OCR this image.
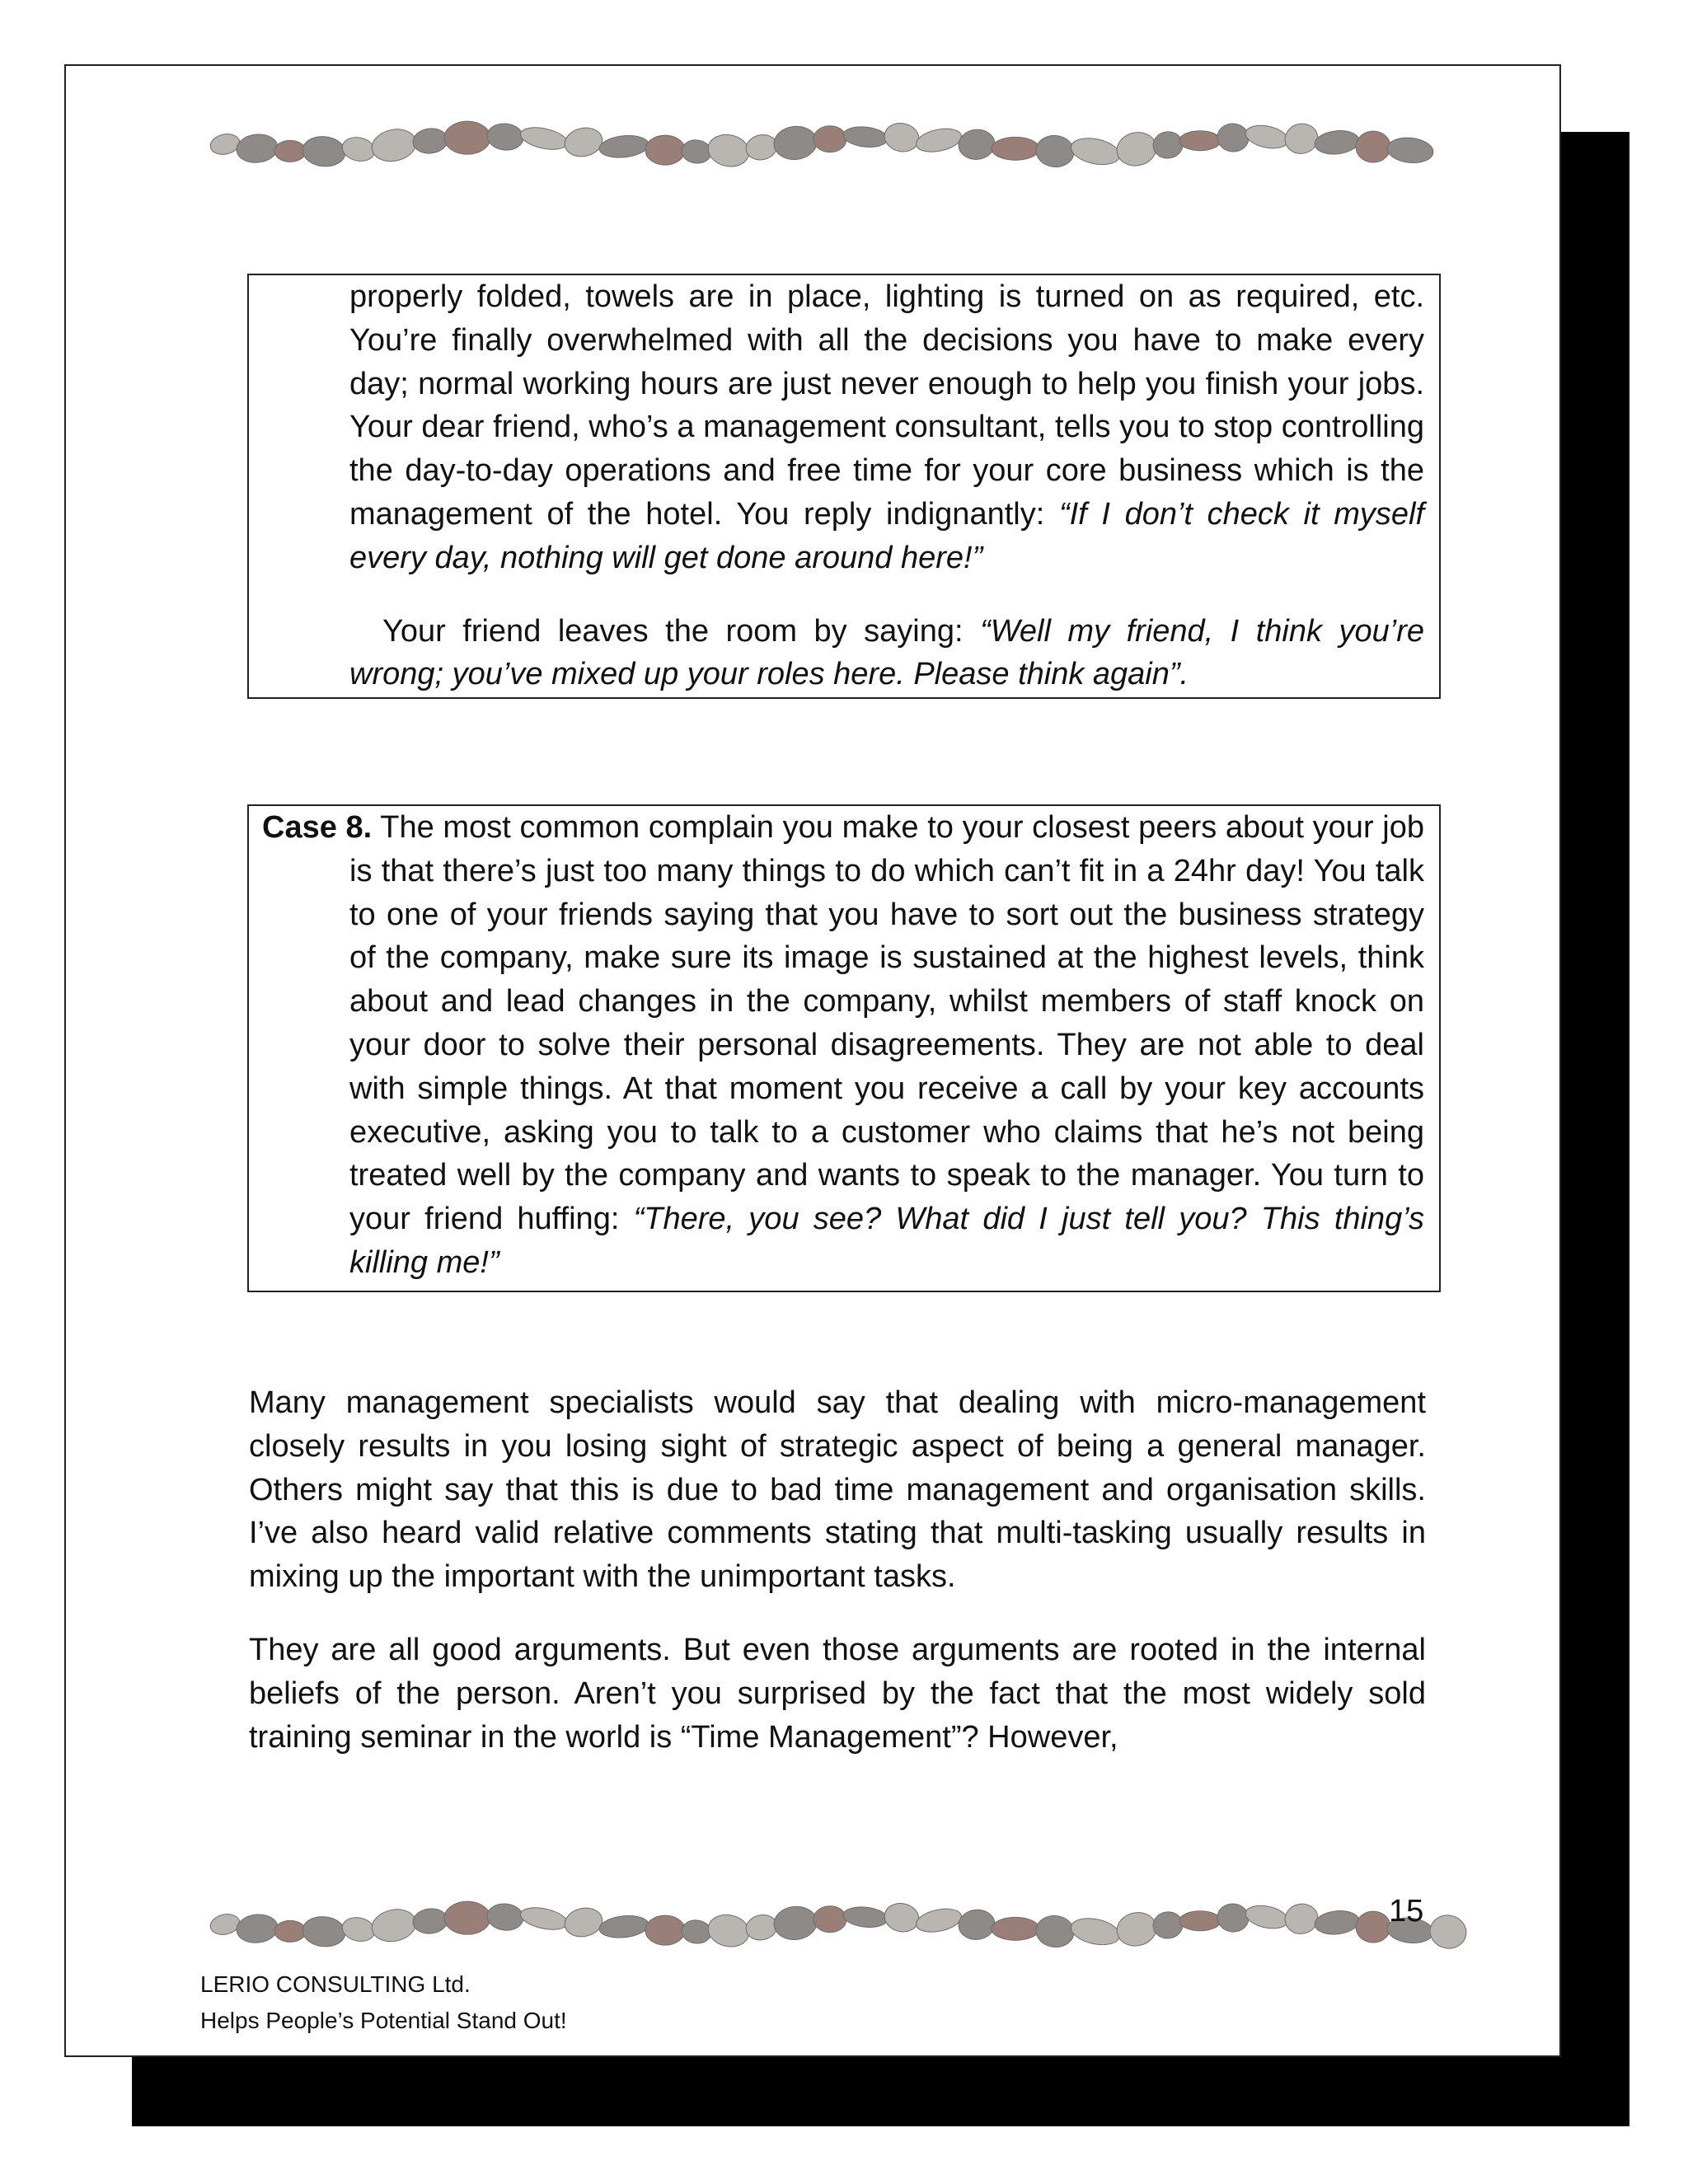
properly folded, towels are in place, lighting is turned on as required, etc. You’re finally overwhelmed with all the decisions you have to make every day; normal working hours are just never enough to help you finish your jobs. Your dear friend, who’s a management consultant, tells you to stop controlling the day-to-day operations and free time for your core business which is the management of the hotel. You reply indignantly: “If I don’t check it myself every day, nothing will get done around here!”

Your friend leaves the room by saying: “Well my friend, I think you’re wrong; you’ve mixed up your roles here. Please think again”.

Case 8. The most common complain you make to your closest peers about your job is that there’s just too many things to do which can’t fit in a 24hr day! You talk to one of your friends saying that you have to sort out the business strategy of the company, make sure its image is sustained at the highest levels, think about and lead changes in the company, whilst members of staff knock on your door to solve their personal disagreements. They are not able to deal with simple things. At that moment you receive a call by your key accounts executive, asking you to talk to a customer who claims that he’s not being treated well by the company and wants to speak to the manager. You turn to your friend huffing: “There, you see? What did I just tell you? This thing’s killing me!”

Many management specialists would say that dealing with micro-management closely results in you losing sight of strategic aspect of being a general manager. Others might say that this is due to bad time management and organisation skills. I’ve also heard valid relative comments stating that multi-tasking usually results in mixing up the important with the unimportant tasks.

They are all good arguments. But even those arguments are rooted in the internal beliefs of the person. Aren’t you surprised by the fact that the most widely sold training seminar in the world is “Time Management”? However,

15
LERIO CONSULTING Ltd.
Helps People’s Potential Stand Out!
